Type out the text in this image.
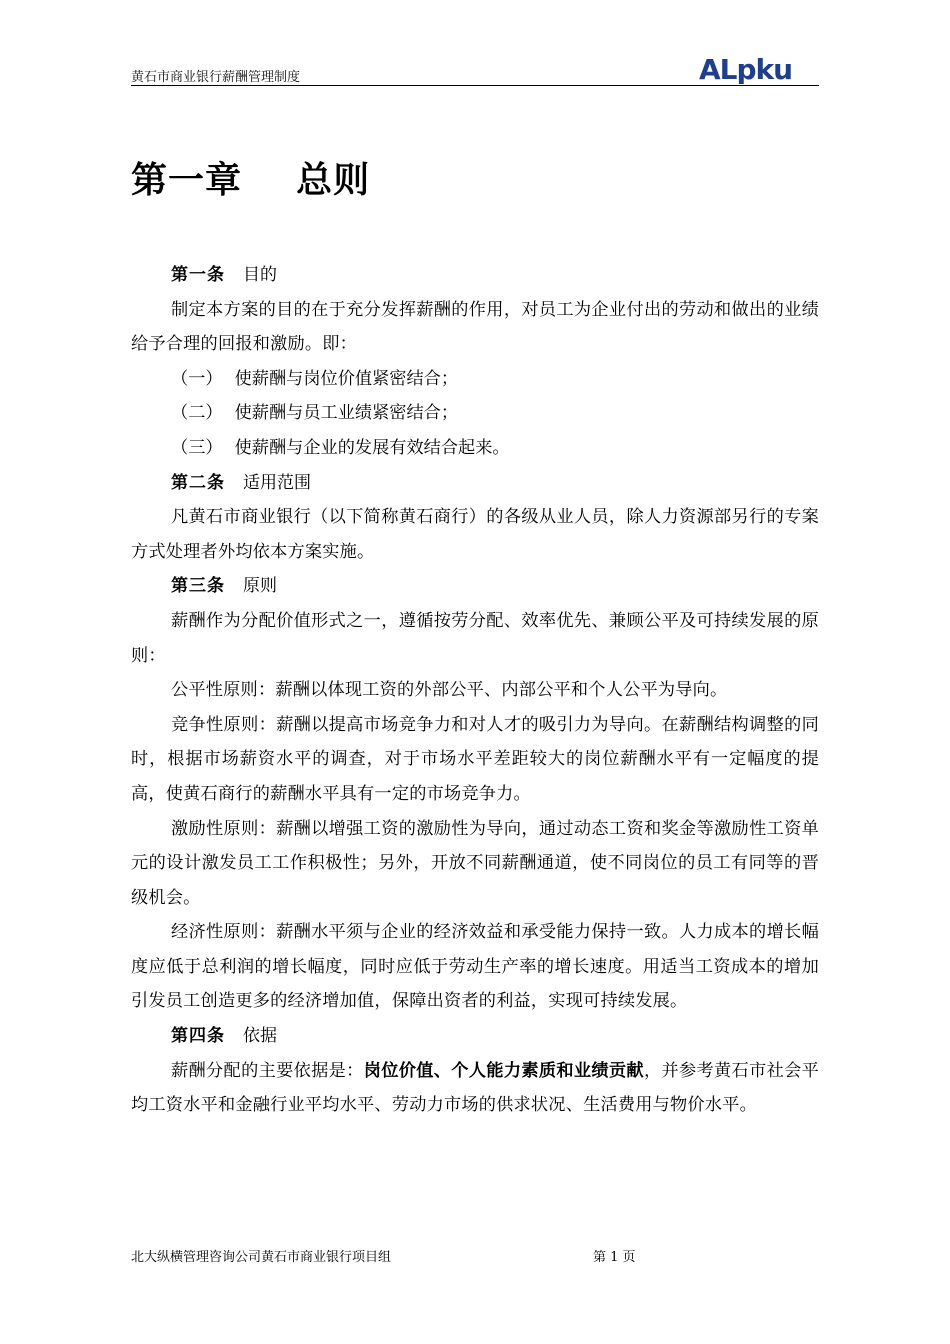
黄石市商业银行薪酬管理制度	ALpku
第一章    总则

第一条 目的

制定本方案的目的在于充分发挥薪酬的作用，对员工为企业付出的劳动和做出的业绩给予合理的回报和激励。即：

（一） 使薪酬与岗位价值紧密结合；

（二） 使薪酬与员工业绩紧密结合；

（三） 使薪酬与企业的发展有效结合起来。

第二条 适用范围

凡黄石市商业银行（以下简称黄石商行）的各级从业人员，除人力资源部另行的专案方式处理者外均依本方案实施。

第三条 原则

薪酬作为分配价值形式之一，遵循按劳分配、效率优先、兼顾公平及可持续发展的原则：

公平性原则：薪酬以体现工资的外部公平、内部公平和个人公平为导向。

竞争性原则：薪酬以提高市场竞争力和对人才的吸引力为导向。在薪酬结构调整的同时，根据市场薪资水平的调查，对于市场水平差距较大的岗位薪酬水平有一定幅度的提高，使黄石商行的薪酬水平具有一定的市场竞争力。

激励性原则：薪酬以增强工资的激励性为导向，通过动态工资和奖金等激励性工资单元的设计激发员工工作积极性；另外，开放不同薪酬通道，使不同岗位的员工有同等的晋级机会。

经济性原则：薪酬水平须与企业的经济效益和承受能力保持一致。人力成本的增长幅度应低于总利润的增长幅度，同时应低于劳动生产率的增长速度。用适当工资成本的增加引发员工创造更多的经济增加值，保障出资者的利益，实现可持续发展。

第四条 依据

薪酬分配的主要依据是：岗位价值、个人能力素质和业绩贡献，并参考黄石市社会平均工资水平和金融行业平均水平、劳动力市场的供求状况、生活费用与物价水平。

北大纵横管理咨询公司黄石市商业银行项目组	第 1 页
